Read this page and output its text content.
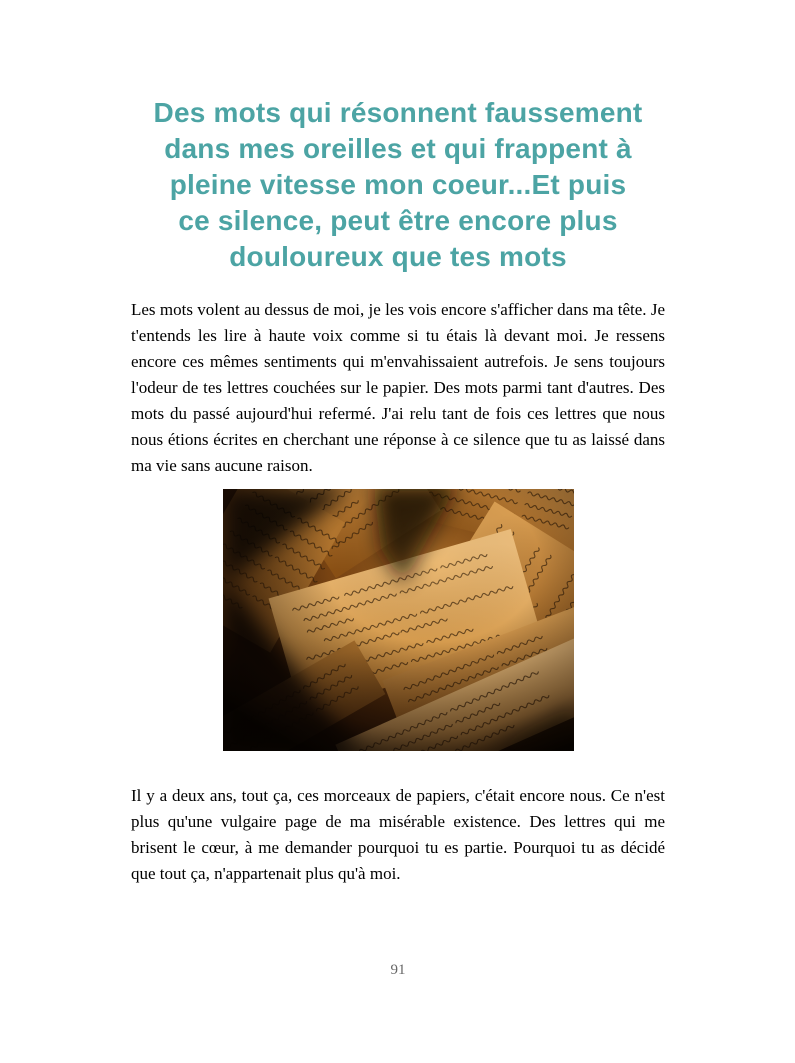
Des mots qui résonnent faussement
dans mes oreilles et qui frappent à
pleine vitesse mon coeur...Et puis
ce silence, peut être encore plus
douloureux que tes mots

Les mots volent au dessus de moi, je les vois encore s'afficher dans ma tête. Je t'entends les lire à haute voix comme si tu étais là devant moi. Je ressens encore ces mêmes sentiments qui m'envahissaient autrefois. Je sens toujours l'odeur de tes lettres couchées sur le papier. Des mots parmi tant d'autres. Des mots du passé aujourd'hui refermé. J'ai relu tant de fois ces lettres que nous nous étions écrites en cherchant une réponse à ce silence que tu as laissé dans ma vie sans aucune raison.

Il y a deux ans, tout ça, ces morceaux de papiers, c'était encore nous. Ce n'est plus qu'une vulgaire page de ma misérable existence. Des lettres qui me brisent le cœur, à me demander pourquoi tu es partie. Pourquoi tu as décidé que tout ça, n'appartenait plus qu'à moi.

91
